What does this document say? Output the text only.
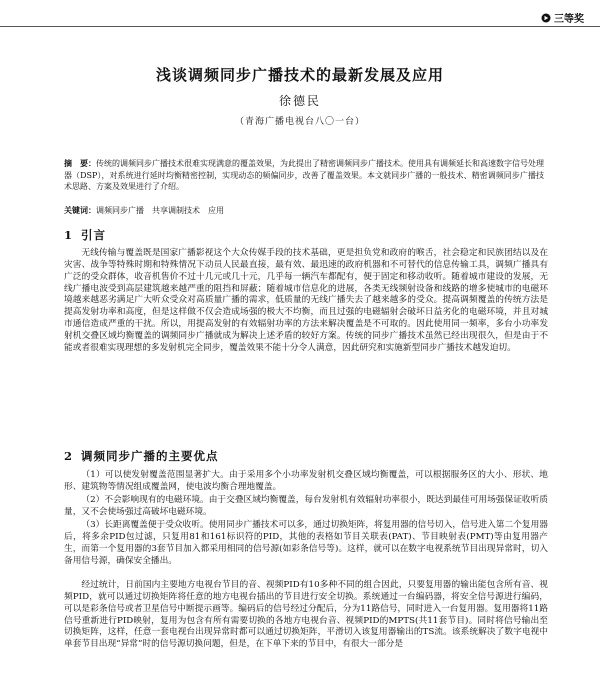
三等奖
浅谈调频同步广播技术的最新发展及应用
徐德民
（青海广播电视台八〇一台）
摘　要：传统的调频同步广播技术很难实现满意的覆盖效果，为此提出了精密调频同步广播技术。使用具有调频延长和高速数字信号处理器（DSP），对系统进行延时均衡精密控制，实现动态的频偏同步，改善了覆盖效果。本文就同步广播的一般技术、精密调频同步广播技术思路、方案及效果进行了介绍。
关键词：调频同步广播　共享调制技术　应用
1 引言

无线传输与覆盖既是国家广播影视这个大众传媒手段的技术基础，更是担负党和政府的喉舌，社会稳定和民族团结以及在灾害、战争等特殊时期和特殊情况下动员人民最直接，最有效、最迅速的政府机器和不可替代的信息传输工具，调频广播具有广泛的受众群体，收音机售价不过十几元或几十元，几乎每一辆汽车都配有，便于固定和移动收听。随着城市建设的发展，无线广播电波受到高层建筑越来越严重的阻挡和屏蔽；随着城市信息化的进展，各类无线频射设备和线路的增多使城市的电磁环境越来越恶劣满足广大听众受众对高质量广播的需求，低质量的无线广播失去了越来越多的受众。提高调频覆盖的传统方法是提高发射功率和高度，但是这样做不仅会造成场强的极大不均衡，而且过强的电磁辐射会破坏日益劣化的电磁环境，并且对城市通信造成严重的干扰。所以，用提高发射的有效辐射功率的方法来解决覆盖是不可取的。因此使用同一频率，多台小功率发射机交叠区域均衡覆盖的调频同步广播就成为解决上述矛盾的较好方案。传统的同步广播技术虽然已经出现很久，但是由于不能或者很难实现理想的多发射机完全同步，覆盖效果不能十分令人满意，因此研究和实施新型同步广播技术越发迫切。

2 调频同步广播的主要优点

（1）可以使发射覆盖范围显著扩大。由于采用多个小功率发射机交叠区域均衡覆盖，可以根据服务区的大小、形状、地形、建筑物等情况组成覆盖网，使电波均衡合理地覆盖。

（2）不会影响现有的电磁环境。由于交叠区域均衡覆盖，每台发射机有效辐射功率很小，既达到最佳可用场强保证收听质量，又不会使场强过高破坏电磁环境。

（3）长距离覆盖便于受众收听。使用同步广播技术可以多，通过切换矩阵，将复用器的信号切入，信号进入第二个复用器后，将多余PID包过滤，只复用81和161标识符的PID，其他的表格如节目关联表(PAT)、节目映射表(PMT)等由复用器产生，而第一个复用器的3套节目加入都采用相同的信号源(如彩条信号等)。这样，就可以在数字电视系统节目出现异常时，切入备用信号源，确保安全播出。

经过统计，日前国内主要地方电视台节目的音、视频PID有10多种不同的组合因此，只要复用器的输出能包含所有音、视频PID，就可以通过切换矩阵将任意的地方电视台插出的节目进行安全切换。系统通过一台编码器，将安全信号源进行编码，可以是彩条信号或者卫星信号中断提示画等。编码后的信号经过分配后，分为11路信号，同时进入一台复用器。复用器将11路信号重新进行PID映射，复用为包含有所有需要切换的各地方电视台音、视频PID的MPTS(共11套节目)。同时将信号输出至切换矩阵，这样，任意一套电视台出现异常时都可以通过切换矩阵，平滑切入该复用器输出的TS流。该系统解决了数字电视中单套节目出现“异常”时的信号源切换问题，但是，在下单下来的节目中，有很大一部分是
